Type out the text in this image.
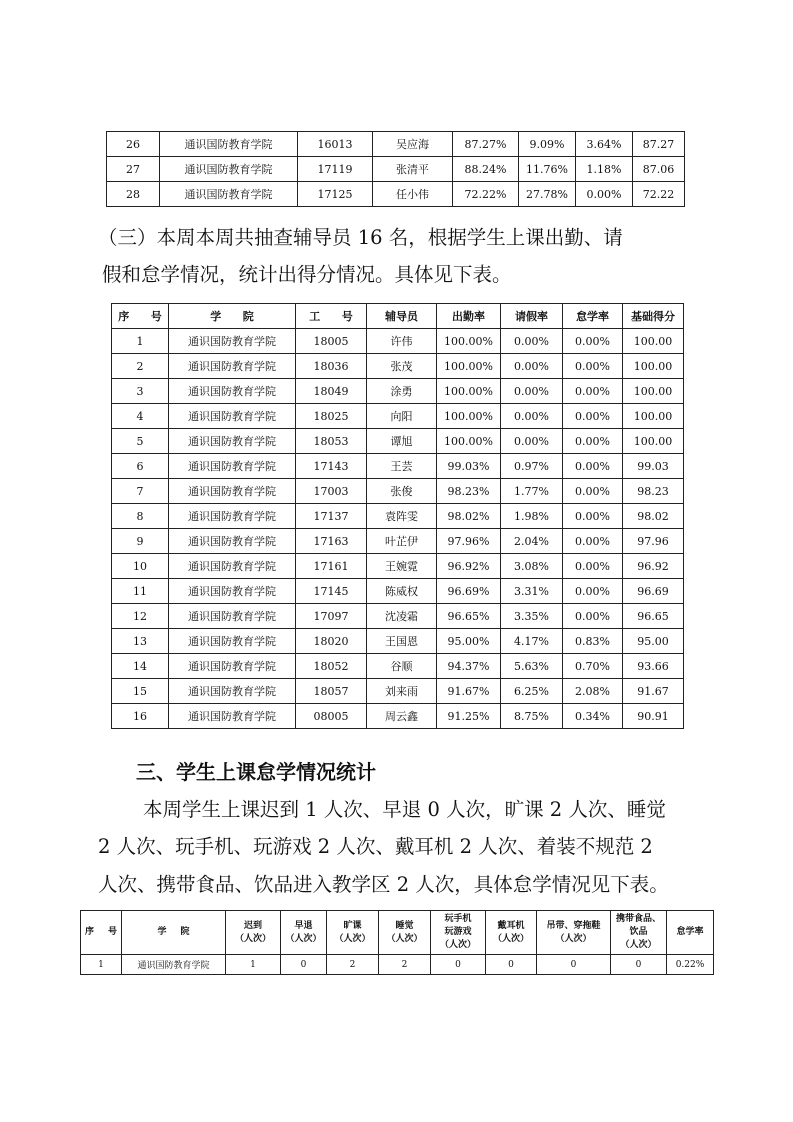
26	通识国防教育学院	16013	吴应海	87.27%	9.09%	3.64%	87.27
27	通识国防教育学院	17119	张清平	88.24%	11.76%	1.18%	87.06
28	通识国防教育学院	17125	任小伟	72.22%	27.78%	0.00%	72.22

（三）本周本周共抽查辅导员 16 名，根据学生上课出勤、请

假和怠学情况，统计出得分情况。具体见下表。

序 号	学 院	工 号	辅导员	出勤率	请假率	怠学率	基础得分
1	通识国防教育学院	18005	许伟	100.00%	0.00%	0.00%	100.00
2	通识国防教育学院	18036	张茂	100.00%	0.00%	0.00%	100.00
3	通识国防教育学院	18049	涂勇	100.00%	0.00%	0.00%	100.00
4	通识国防教育学院	18025	向阳	100.00%	0.00%	0.00%	100.00
5	通识国防教育学院	18053	谭旭	100.00%	0.00%	0.00%	100.00
6	通识国防教育学院	17143	王芸	99.03%	0.97%	0.00%	99.03
7	通识国防教育学院	17003	张俊	98.23%	1.77%	0.00%	98.23
8	通识国防教育学院	17137	袁阵雯	98.02%	1.98%	0.00%	98.02
9	通识国防教育学院	17163	叶芷伊	97.96%	2.04%	0.00%	97.96
10	通识国防教育学院	17161	王婉霓	96.92%	3.08%	0.00%	96.92
11	通识国防教育学院	17145	陈威权	96.69%	3.31%	0.00%	96.69
12	通识国防教育学院	17097	沈凌霜	96.65%	3.35%	0.00%	96.65
13	通识国防教育学院	18020	王国恩	95.00%	4.17%	0.83%	95.00
14	通识国防教育学院	18052	谷顺	94.37%	5.63%	0.70%	93.66
15	通识国防教育学院	18057	刘来雨	91.67%	6.25%	2.08%	91.67
16	通识国防教育学院	08005	周云鑫	91.25%	8.75%	0.34%	90.91

三、学生上课怠学情况统计

本周学生上课迟到 1 人次、早退 0 人次，旷课 2 人次、睡觉

2 人次、玩手机、玩游戏 2 人次、戴耳机 2 人次、着装不规范 2

人次、携带食品、饮品进入教学区 2 人次，具体怠学情况见下表。

序 号	学 院	迟到
（人次）	早退
（人次）	旷课
（人次）	睡觉
（人次）	玩手机
玩游戏
（人次）	戴耳机
（人次）	吊带、穿拖鞋
（人次）	携带食品、
饮品
（人次）	怠学率
1	通识国防教育学院	1	0	2	2	0	0	0	0	0.22%
